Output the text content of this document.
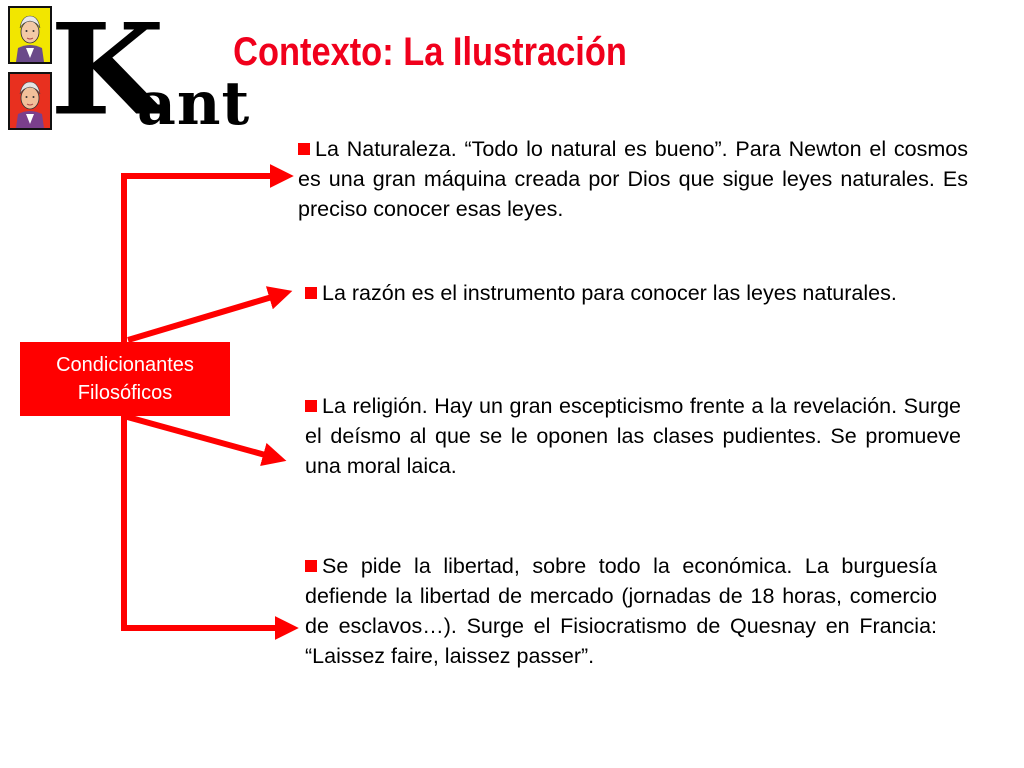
K
ant
Contexto: La Ilustración
Condicionantes
Filosóficos
La Naturaleza. “Todo lo natural es bueno”. Para Newton el cosmos es una gran máquina creada por Dios que sigue leyes naturales. Es preciso conocer esas leyes.
La razón es el instrumento para conocer las leyes naturales.
La religión. Hay un gran escepticismo frente a la revelación. Surge el deísmo al que se le oponen las clases pudientes. Se promueve una moral laica.
Se pide la libertad, sobre todo la económica. La burguesía defiende la libertad de mercado (jornadas de 18 horas, comercio de esclavos…). Surge el Fisiocratismo de Quesnay en Francia: “Laissez faire, laissez passer”.
